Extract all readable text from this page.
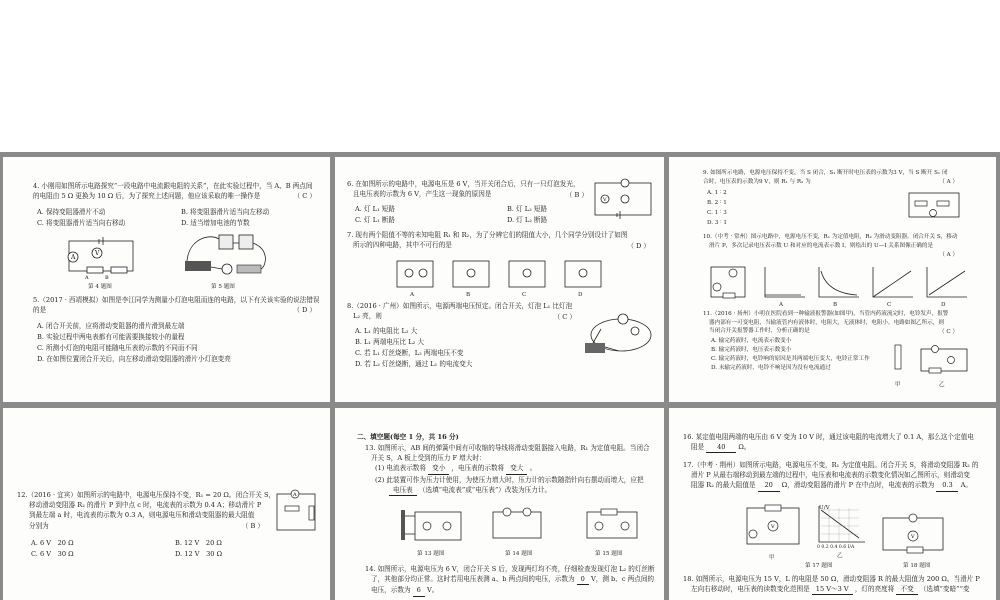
4. 小刚用如图所示电路探究“一段电路中电流跟电阻的关系”，在此实验过程中，当 A、B 两点间
的电阻由 5 Ω 更换为 10 Ω 后，为了探究上述问题，他应该采取的唯一操作是	（ C ）
A. 保持变阻器滑片不动	B. 将变阻器滑片适当向左移动
C. 将变阻器滑片适当向右移动	D. 适当增加电池的节数
A
V
A	B
第 4 题图	第 5 题图
5.（2017 · 西靖模拟）如图是李江同学为测量小灯泡电阻而连的电路，以下有关该实验的说法错误
的是	（ D ）
A. 闭合开关前，应将滑动变阻器的滑片滑到最左端
B. 实验过程中两电表都有可能需要换接较小的量程
C. 所测小灯泡的电阻可能随电压表的示数的不同而不同
D. 在如图位置闭合开关后，向左移动滑动变阻器的滑片小灯泡变亮
6. 在如图所示的电路中，电源电压是 6 V，当开关闭合后，只有一只灯泡发光，
且电压表的示数为 6 V，产生这一现象的原因是	（ B ）
A. 灯 L₁ 短路	B. 灯 L₂ 短路
C. 灯 L₁ 断路	D. 灯 L₂ 断路
V
7. 现有两个阻值不等的未知电阻 R₁ 和 R₂，为了分辨它们的阻值大小，几个同学分别设计了如图
所示的四种电路，其中不可行的是	（ D ）
A	B	C	D
8.（2016 · 广州）如图所示，电源两端电压恒定。闭合开关，灯泡 L₁ 比灯泡
L₂ 亮，则	（ C ）
A. L₁ 的电阻比 L₂ 大
B. L₁ 两端电压比 L₂ 大
C. 若 L₁ 灯丝烧断，L₂ 两端电压不变
D. 若 L₂ 灯丝烧断，通过 L₁ 的电流变大
9. 如图所示电路，电源电压保持不变，当 S 闭合，S₁ 断开时电压表的示数为3 V，当 S 断开 S₁ 闭
合时，电压表的示数为9 V，则 R₁ 与 R₂ 为	（ A ）
A. 1 ∶ 2
B. 2 ∶ 1
C. 1 ∶ 3
D. 3 ∶ 1
10.（中考 · 常州）图示电路中，电源电压不变，R₁ 为定值电阻，R₂ 为滑动变阻器。闭合开关 S，移动
滑片 P，多次记录电压表示数 U 和对应的电流表示数 I，则绘出的 U—I 关系图像正确的是
（ A ）
A	B	C	D
11.（2016 · 扬州）小明在医院看到一种输液报警器(如图甲)，当管内药液流完时，电铃发声，报警
器内部有一可变电阻，当输液管内有液体时，电阻大，无液体时，电阻小，电路如图乙所示，则
当闭合开关报警器工作时，分析正确的是	（ C ）
A. 输完药液时，电流表示数变小
B. 输完药液时，电压表示数变小
C. 输完药液时，电铃响的原因是其两端电压变大，电铃正常工作
D. 未输完药液时，电铃不响是因为没有电流通过
甲	乙
12.（2016 · 宜宾）如图所示的电路中，电源电压保持不变，R₁ = 20 Ω。闭合开关 S，
移动滑动变阻器 R₂ 的滑片 P 到中点 c 时，电流表的示数为 0.4 A；移动滑片 P
到最左端 a 时，电流表的示数为 0.3 A，则电源电压和滑动变阻器的最大阻值
分别为	（ B ）
A. 6 V　20 Ω	B. 12 V　20 Ω
C. 6 V　30 Ω	D. 12 V　30 Ω
A
二、填空题(每空 1 分，共 16 分)
13. 如图所示，AB 间的弹簧中间有可收缩的导线将滑动变阻器接入电路，R₁ 为定值电阻。当闭合
开关 S，A 板上受到的压力 F 增大时：
(1) 电流表示数将 变小 ，电压表的示数将 变大 。
(2) 此装置可作为压力计使用，为使压力增大时，压力计的示数随指针向右摆动而增大，应把
电压表 （选填“电流表”或“电压表”）改装为压力计。
第 13 题图	第 14 题图	第 15 题图
14. 如图所示，电源电压为 6 V，闭合开关 S 后，发现两灯均不亮，仔细检查发现灯泡 L₂ 的灯丝断
了，其他部分均正常。这时若用电压表测 a、b 两点间的电压，示数为 0 V，测 b、c 两点间的
电压，示数为 6 V。
16. 某定值电阻两端的电压由 6 V 变为 10 V 时，通过该电阻的电流增大了 0.1 A，那么这个定值电
阻是 40 Ω。
17.（中考 · 荆州）如图所示电路，电源电压不变，R₁ 为定值电阻。闭合开关 S，将滑动变阻器 R₂ 的
滑片 P 从最右端移动到最左端的过程中，电压表和电流表的示数变化情况如乙图所示，则滑动变
阻器 R₂ 的最大阻值是 20 Ω，滑动变阻器的滑片 P 在中点时，电流表的示数为 0.3 A。
V
U/V
0 0.2 0.4 0.6 I/A
甲	乙
第 17 题图
V
第 18 题图
18. 如图所示，电源电压为 15 V，L 的电阻是 50 Ω，滑动变阻器 R 的最大阻值为 200 Ω。当滑片 P
左向右移动时，电压表的读数变化范围是 15 V～3 V ，灯的亮度将 不变 （选填“变暗”“变
